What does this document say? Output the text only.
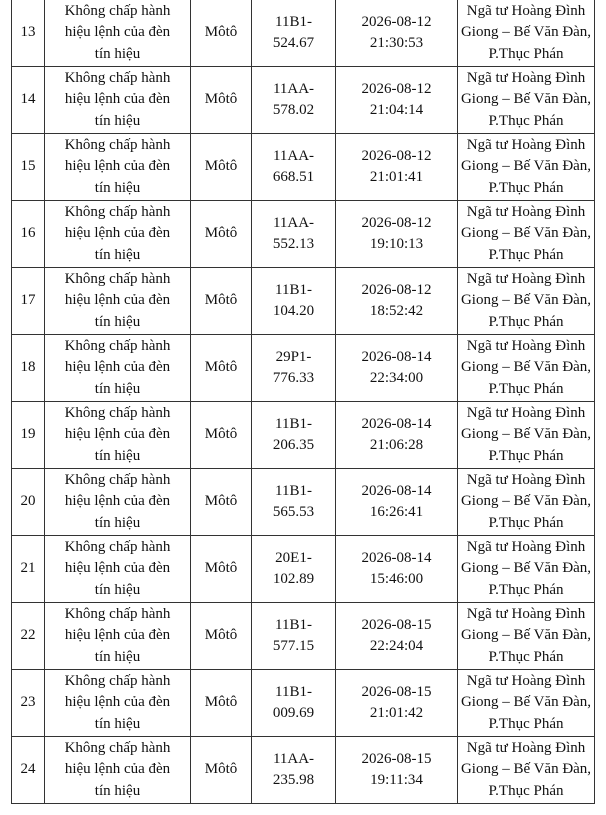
13	Không chấp hành
hiệu lệnh của đèn
tín hiệu	Môtô	11B1-
524.67	2026-08-12
21:30:53	Ngã tư Hoàng Đình
Giong – Bế Văn Đàn,
P.Thục Phán

14	Không chấp hành
hiệu lệnh của đèn
tín hiệu	Môtô	11AA-
578.02	2026-08-12
21:04:14	Ngã tư Hoàng Đình
Giong – Bế Văn Đàn,
P.Thục Phán

15	Không chấp hành
hiệu lệnh của đèn
tín hiệu	Môtô	11AA-
668.51	2026-08-12
21:01:41	Ngã tư Hoàng Đình
Giong – Bế Văn Đàn,
P.Thục Phán

16	Không chấp hành
hiệu lệnh của đèn
tín hiệu	Môtô	11AA-
552.13	2026-08-12
19:10:13	Ngã tư Hoàng Đình
Giong – Bế Văn Đàn,
P.Thục Phán

17	Không chấp hành
hiệu lệnh của đèn
tín hiệu	Môtô	11B1-
104.20	2026-08-12
18:52:42	Ngã tư Hoàng Đình
Giong – Bế Văn Đàn,
P.Thục Phán

18	Không chấp hành
hiệu lệnh của đèn
tín hiệu	Môtô	29P1-
776.33	2026-08-14
22:34:00	Ngã tư Hoàng Đình
Giong – Bế Văn Đàn,
P.Thục Phán

19	Không chấp hành
hiệu lệnh của đèn
tín hiệu	Môtô	11B1-
206.35	2026-08-14
21:06:28	Ngã tư Hoàng Đình
Giong – Bế Văn Đàn,
P.Thục Phán

20	Không chấp hành
hiệu lệnh của đèn
tín hiệu	Môtô	11B1-
565.53	2026-08-14
16:26:41	Ngã tư Hoàng Đình
Giong – Bế Văn Đàn,
P.Thục Phán

21	Không chấp hành
hiệu lệnh của đèn
tín hiệu	Môtô	20E1-
102.89	2026-08-14
15:46:00	Ngã tư Hoàng Đình
Giong – Bế Văn Đàn,
P.Thục Phán

22	Không chấp hành
hiệu lệnh của đèn
tín hiệu	Môtô	11B1-
577.15	2026-08-15
22:24:04	Ngã tư Hoàng Đình
Giong – Bế Văn Đàn,
P.Thục Phán

23	Không chấp hành
hiệu lệnh của đèn
tín hiệu	Môtô	11B1-
009.69	2026-08-15
21:01:42	Ngã tư Hoàng Đình
Giong – Bế Văn Đàn,
P.Thục Phán

24	Không chấp hành
hiệu lệnh của đèn
tín hiệu	Môtô	11AA-
235.98	2026-08-15
19:11:34	Ngã tư Hoàng Đình
Giong – Bế Văn Đàn,
P.Thục Phán
